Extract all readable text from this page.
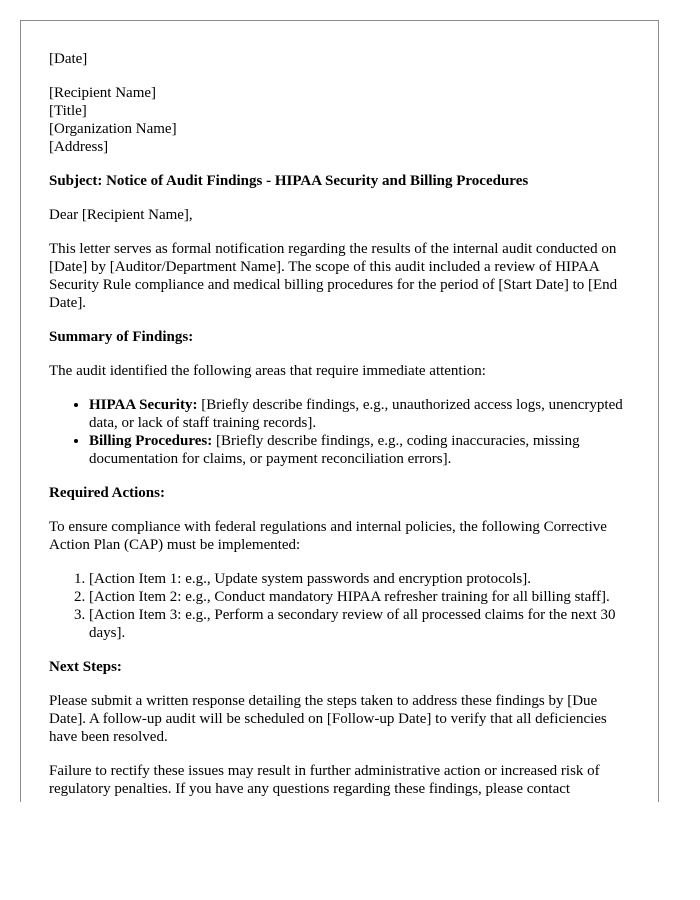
[Date]

[Recipient Name]

[Title]

[Organization Name]

[Address]

Subject: Notice of Audit Findings - HIPAA Security and Billing Procedures

Dear [Recipient Name],

This letter serves as formal notification regarding the results of the internal audit conducted on [Date] by [Auditor/Department Name]. The scope of this audit included a review of HIPAA Security Rule compliance and medical billing procedures for the period of [Start Date] to [End Date].

Summary of Findings:

The audit identified the following areas that require immediate attention:

• HIPAA Security: [Briefly describe findings, e.g., unauthorized access logs, unencrypted data, or lack of staff training records].
• Billing Procedures: [Briefly describe findings, e.g., coding inaccuracies, missing documentation for claims, or payment reconciliation errors].

Required Actions:

To ensure compliance with federal regulations and internal policies, the following Corrective Action Plan (CAP) must be implemented:

1. [Action Item 1: e.g., Update system passwords and encryption protocols].
2. [Action Item 2: e.g., Conduct mandatory HIPAA refresher training for all billing staff].
3. [Action Item 3: e.g., Perform a secondary review of all processed claims for the next 30 days].

Next Steps:

Please submit a written response detailing the steps taken to address these findings by [Due Date]. A follow-up audit will be scheduled on [Follow-up Date] to verify that all deficiencies have been resolved.

Failure to rectify these issues may result in further administrative action or increased risk of regulatory penalties. If you have any questions regarding these findings, please contact
